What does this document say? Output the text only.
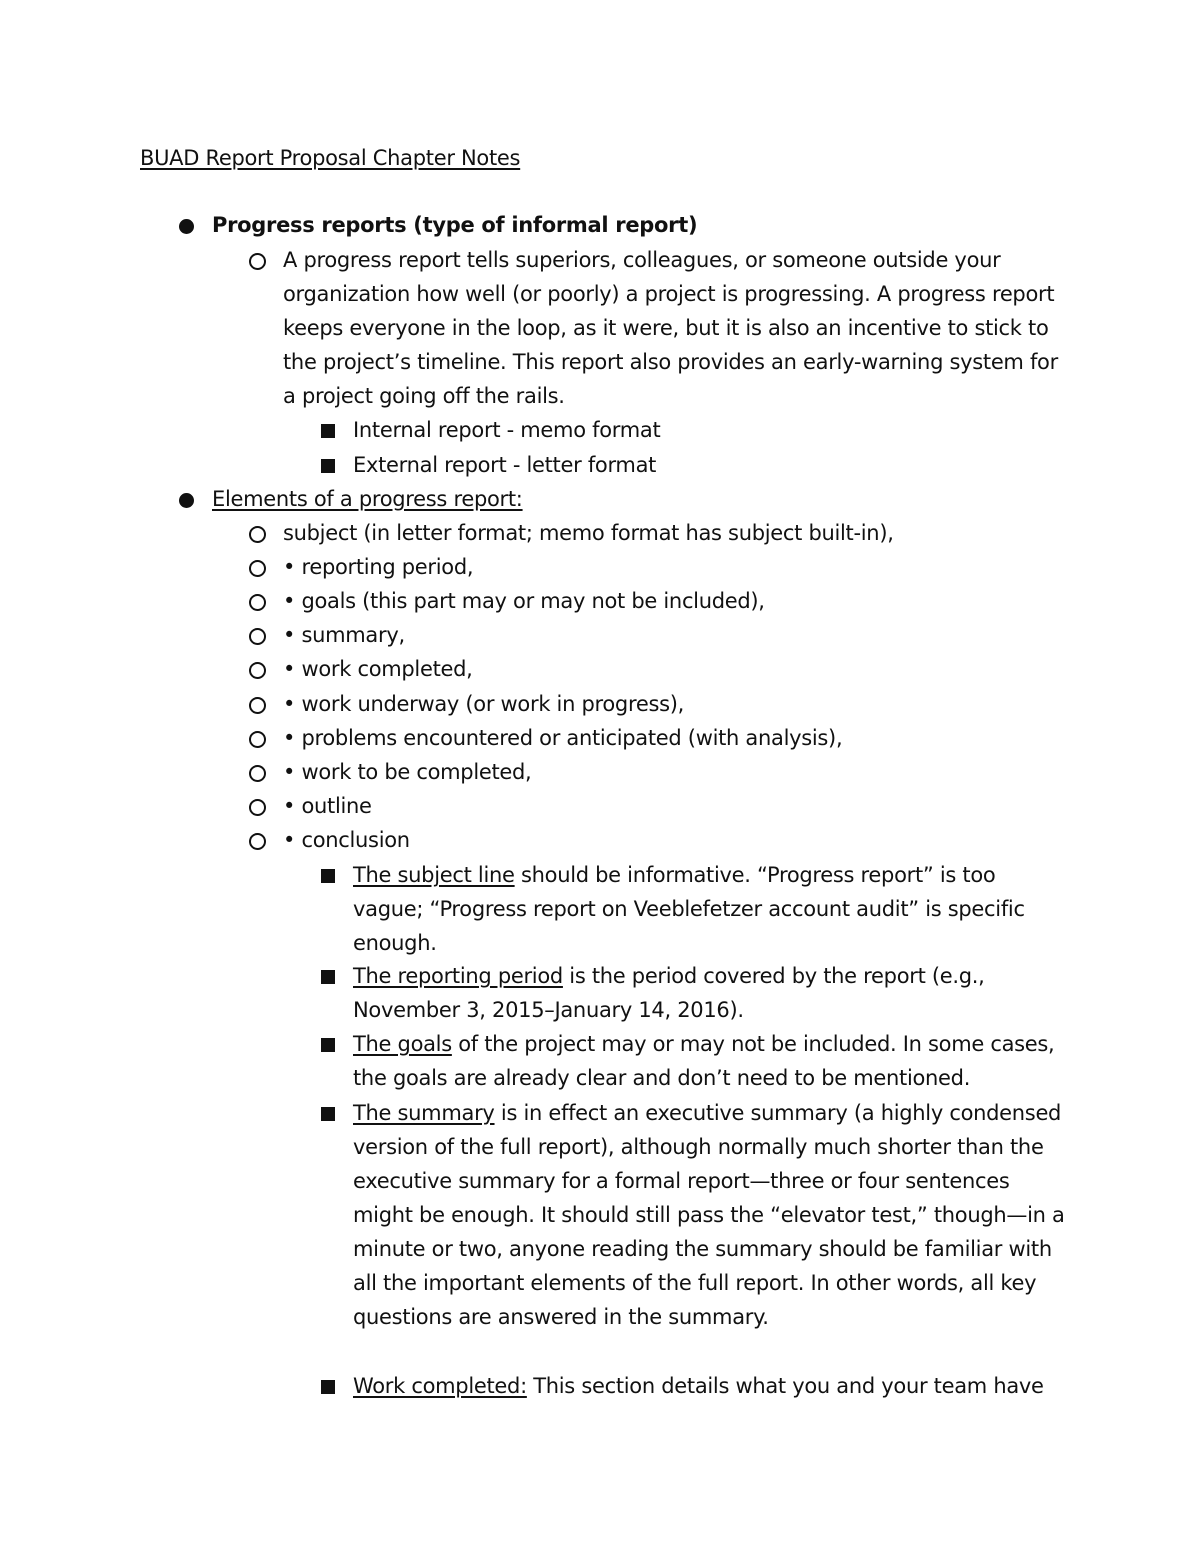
BUAD Report Proposal Chapter Notes
Progress reports (type of informal report)
A progress report tells superiors, colleagues, or someone outside your organization how well (or poorly) a project is progressing. A progress report keeps everyone in the loop, as it were, but it is also an incentive to stick to the project’s timeline. This report also provides an early-warning system for a project going off the rails.
Internal report - memo format
External report - letter format
Elements of a progress report:
subject (in letter format; memo format has subject built-in),
• reporting period,
• goals (this part may or may not be included),
• summary,
• work completed,
• work underway (or work in progress),
• problems encountered or anticipated (with analysis),
• work to be completed,
• outline
• conclusion
The subject line should be informative. “Progress report” is too vague; “Progress report on Veeblefetzer account audit” is specific enough.
The reporting period is the period covered by the report (e.g., November 3, 2015–January 14, 2016).
The goals of the project may or may not be included. In some cases, the goals are already clear and don’t need to be mentioned.
The summary is in effect an executive summary (a highly condensed version of the full report), although normally much shorter than the executive summary for a formal report—three or four sentences might be enough. It should still pass the “elevator test,” though—in a minute or two, anyone reading the summary should be familiar with all the important elements of the full report. In other words, all key questions are answered in the summary.
Work completed: This section details what you and your team have
